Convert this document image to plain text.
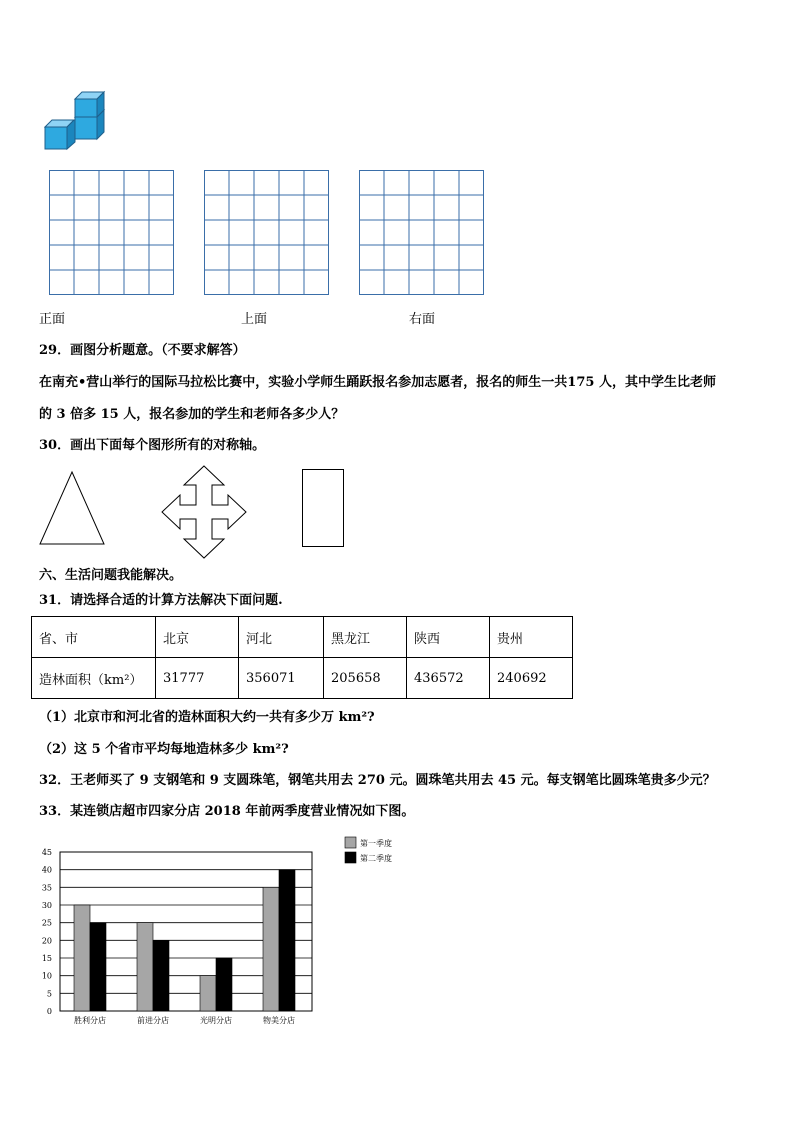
正面	上面	右面
29．画图分析题意。（不要求解答）
在南充•营山举行的国际马拉松比赛中，实验小学师生踊跃报名参加志愿者，报名的师生一共175 人，其中学生比老师
的 3 倍多 15 人，报名参加的学生和老师各多少人？
30．画出下面每个图形所有的对称轴。
六、生活问题我能解决。
31．请选择合适的计算方法解决下面问题.
省、市	北京	河北	黑龙江	陕西	贵州
造林面积（km²）	31777	356071	205658	436572	240692
（1）北京市和河北省的造林面积大约一共有多少万 km²?
（2）这 5 个省市平均每地造林多少 km²?
32．王老师买了 9 支钢笔和 9 支圆珠笔，钢笔共用去 270 元。圆珠笔共用去 45 元。每支钢笔比圆珠笔贵多少元？
33．某连锁店超市四家分店 2018 年前两季度营业情况如下图。
0
5
10
15
20
25
30
35
40
45
胜利分店	前进分店	光明分店	物美分店
第一季度
第二季度
